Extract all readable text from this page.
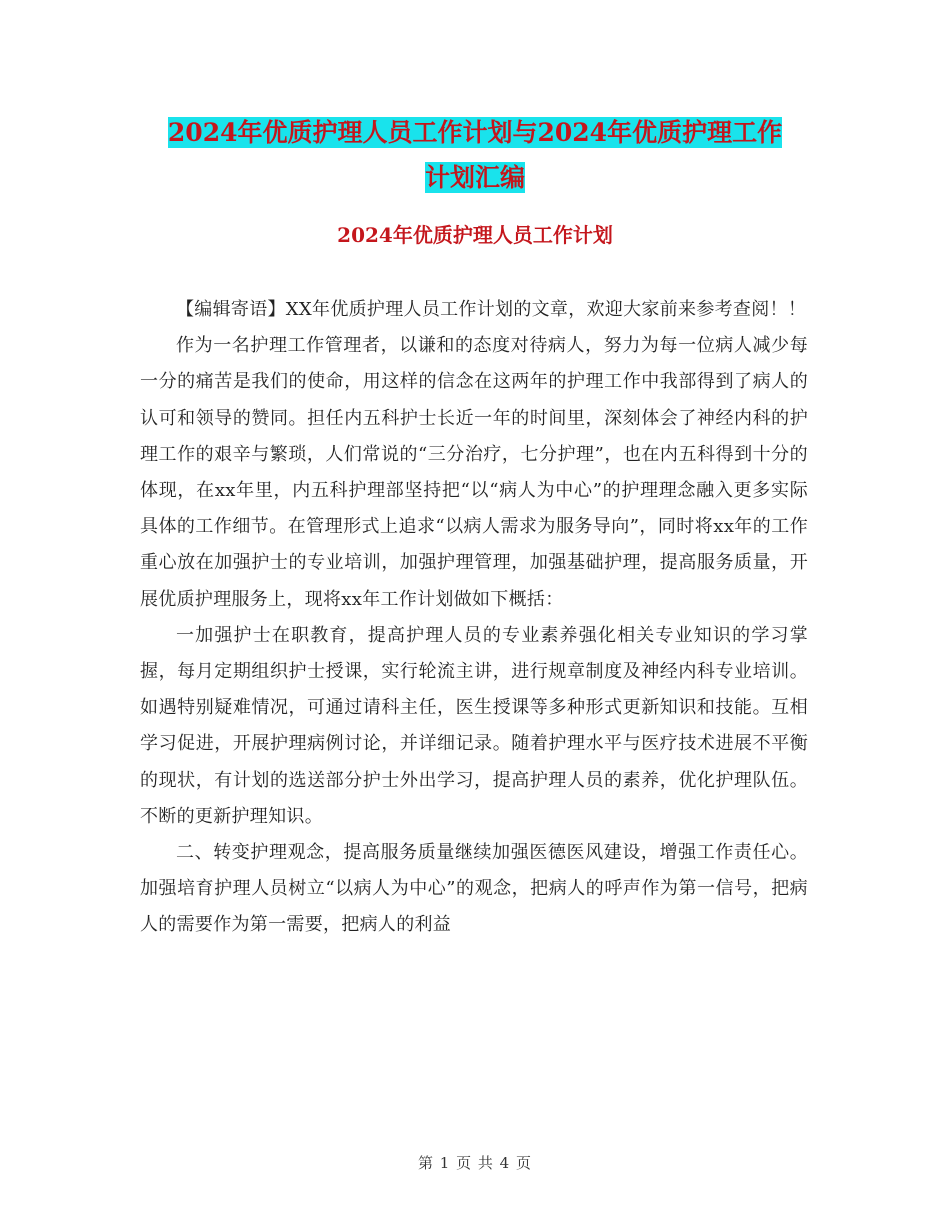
2024年优质护理人员工作计划与2024年优质护理工作
计划汇编
2024年优质护理人员工作计划

【编辑寄语】XX年优质护理人员工作计划的文章，欢迎大家前来参考查阅！！

作为一名护理工作管理者，以谦和的态度对待病人，努力为每一位病人减少每一分的痛苦是我们的使命，用这样的信念在这两年的护理工作中我部得到了病人的认可和领导的赞同。担任内五科护士长近一年的时间里，深刻体会了神经内科的护理工作的艰辛与繁琐，人们常说的“三分治疗，七分护理”，也在内五科得到十分的体现，在xx年里，内五科护理部坚持把“以“病人为中心”的护理理念融入更多实际具体的工作细节。在管理形式上追求“以病人需求为服务导向”，同时将xx年的工作重心放在加强护士的专业培训，加强护理管理，加强基础护理，提高服务质量，开展优质护理服务上，现将xx年工作计划做如下概括：

一加强护士在职教育，提高护理人员的专业素养强化相关专业知识的学习掌握，每月定期组织护士授课，实行轮流主讲，进行规章制度及神经内科专业培训。如遇特别疑难情况，可通过请科主任，医生授课等多种形式更新知识和技能。互相学习促进，开展护理病例讨论，并详细记录。随着护理水平与医疗技术进展不平衡的现状，有计划的选送部分护士外出学习，提高护理人员的素养，优化护理队伍。不断的更新护理知识。

二、转变护理观念，提高服务质量继续加强医德医风建设，增强工作责任心。加强培育护理人员树立“以病人为中心”的观念，把病人的呼声作为第一信号，把病人的需要作为第一需要，把病人的利益

第 1 页 共 4 页
